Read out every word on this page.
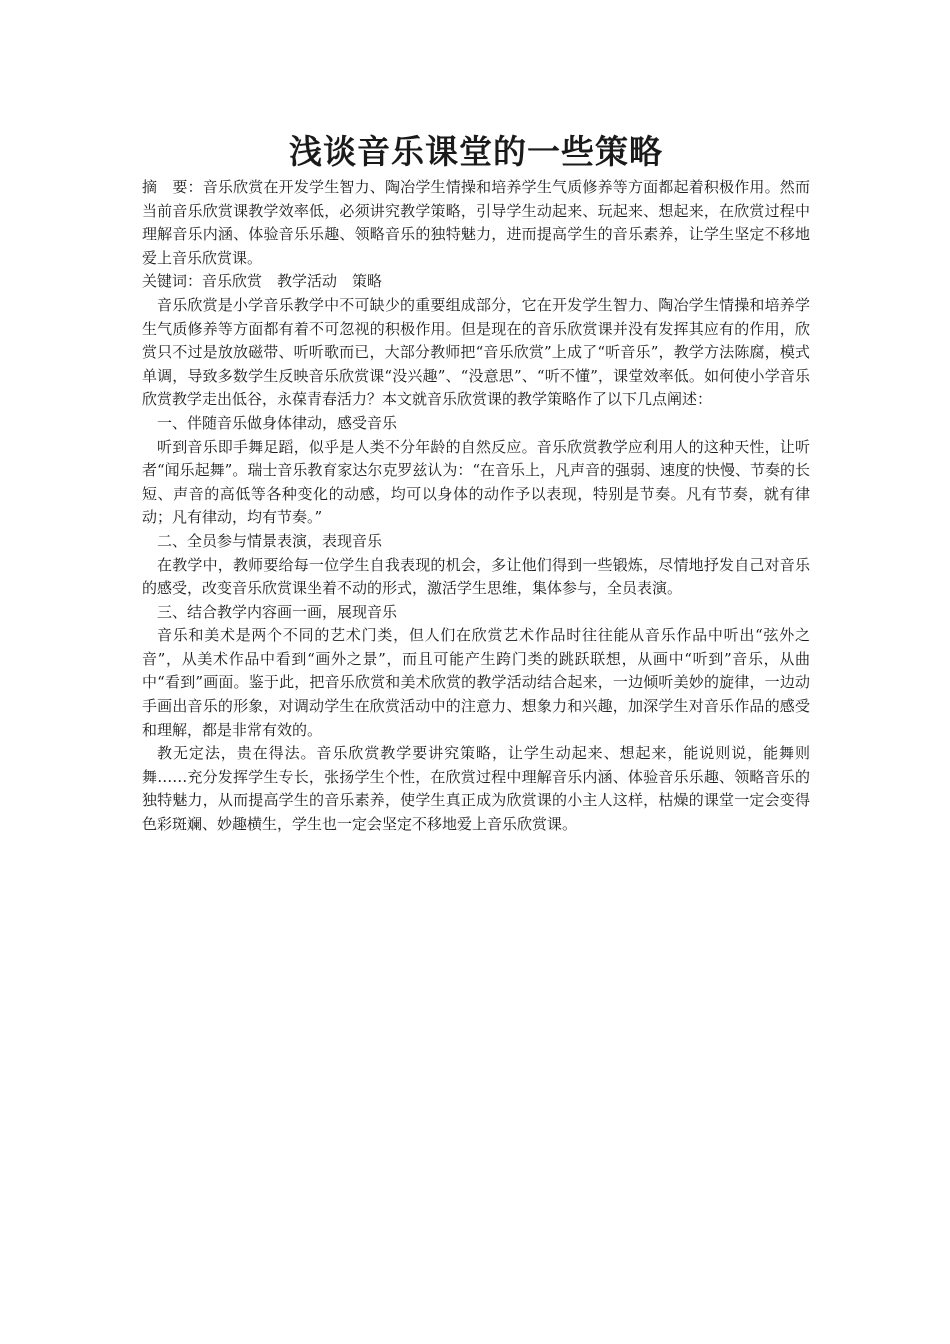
浅谈音乐课堂的一些策略

摘　要：音乐欣赏在开发学生智力、陶冶学生情操和培养学生气质修养等方面都起着积极作用。然而当前音乐欣赏课教学效率低，必须讲究教学策略，引导学生动起来、玩起来、想起来，在欣赏过程中理解音乐内涵、体验音乐乐趣、领略音乐的独特魅力，进而提高学生的音乐素养，让学生坚定不移地爱上音乐欣赏课。

关键词：音乐欣赏　教学活动　策略

音乐欣赏是小学音乐教学中不可缺少的重要组成部分，它在开发学生智力、陶冶学生情操和培养学生气质修养等方面都有着不可忽视的积极作用。但是现在的音乐欣赏课并没有发挥其应有的作用，欣赏只不过是放放磁带、听听歌而已，大部分教师把“音乐欣赏”上成了“听音乐”，教学方法陈腐，模式单调，导致多数学生反映音乐欣赏课“没兴趣”、“没意思”、“听不懂”，课堂效率低。如何使小学音乐欣赏教学走出低谷，永葆青春活力？本文就音乐欣赏课的教学策略作了以下几点阐述：

一、伴随音乐做身体律动，感受音乐

听到音乐即手舞足蹈，似乎是人类不分年龄的自然反应。音乐欣赏教学应利用人的这种天性，让听者“闻乐起舞”。瑞士音乐教育家达尔克罗兹认为：“在音乐上，凡声音的强弱、速度的快慢、节奏的长短、声音的高低等各种变化的动感，均可以身体的动作予以表现，特别是节奏。凡有节奏，就有律动；凡有律动，均有节奏。”

二、全员参与情景表演，表现音乐

在教学中，教师要给每一位学生自我表现的机会，多让他们得到一些锻炼，尽情地抒发自己对音乐的感受，改变音乐欣赏课坐着不动的形式，激活学生思维，集体参与，全员表演。

三、结合教学内容画一画，展现音乐

音乐和美术是两个不同的艺术门类，但人们在欣赏艺术作品时往往能从音乐作品中听出“弦外之音”，从美术作品中看到“画外之景”，而且可能产生跨门类的跳跃联想，从画中“听到”音乐，从曲中“看到”画面。鉴于此，把音乐欣赏和美术欣赏的教学活动结合起来，一边倾听美妙的旋律，一边动手画出音乐的形象，对调动学生在欣赏活动中的注意力、想象力和兴趣，加深学生对音乐作品的感受和理解，都是非常有效的。

教无定法，贵在得法。音乐欣赏教学要讲究策略，让学生动起来、想起来，能说则说，能舞则舞……充分发挥学生专长，张扬学生个性，在欣赏过程中理解音乐内涵、体验音乐乐趣、领略音乐的独特魅力，从而提高学生的音乐素养，使学生真正成为欣赏课的小主人这样，枯燥的课堂一定会变得色彩斑斓、妙趣横生，学生也一定会坚定不移地爱上音乐欣赏课。
